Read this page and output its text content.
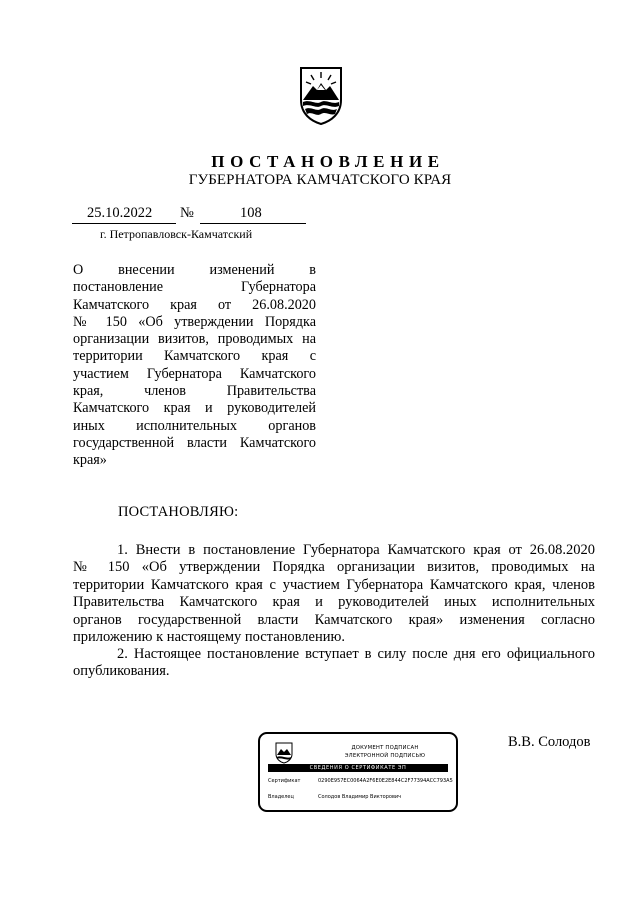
ПОСТАНОВЛЕНИЕ
ГУБЕРНАТОРА КАМЧАТСКОГО КРАЯ
25.10.2022 №	108
г. Петропавловск-Камчатский
О внесении изменений в
постановление Губернатора
Камчатского края от 26.08.2020
№ 150 «Об утверждении Порядка
организации визитов, проводимых на
территории Камчатского края с
участием Губернатора Камчатского
края, членов Правительства
Камчатского края и руководителей
иных исполнительных органов
государственной власти Камчатского
края»
ПОСТАНОВЛЯЮ:
1. Внести в постановление Губернатора Камчатского края от 26.08.2020
№ 150 «Об утверждении Порядка организации визитов, проводимых на
территории Камчатского края с участием Губернатора Камчатского края, членов
Правительства Камчатского края и руководителей иных исполнительных
органов государственной власти Камчатского края» изменения согласно
приложению к настоящему постановлению.
2. Настоящее постановление вступает в силу после дня его официального
опубликования.
ДОКУМЕНТ ПОДПИСАН
ЭЛЕКТРОННОЙ ПОДПИСЬЮ
СВЕДЕНИЯ О СЕРТИФИКАТЕ ЭП
Сертификат	0290E957EC0064A2F6E0E2E844C2F77394ACC793A5
Владелец	Солодов Владимир Викторович
В.В. Солодов
